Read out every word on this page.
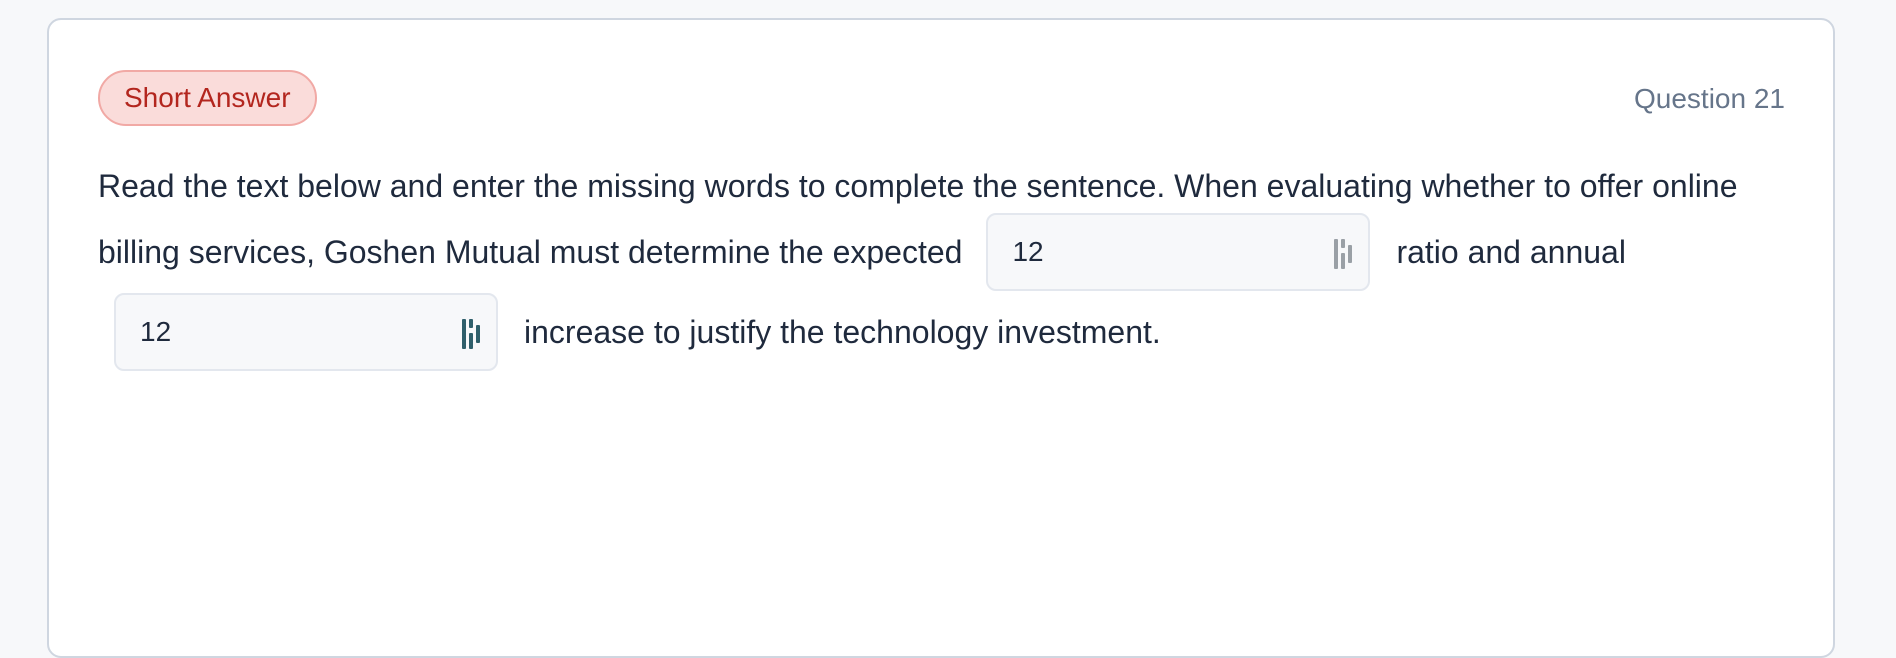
Short Answer	Question 21
Read the text below and enter the missing words to complete the sentence. When evaluating whether to offer online
billing services, Goshen Mutual must determine the expected	12	ratio and annual
12	increase to justify the technology investment.
